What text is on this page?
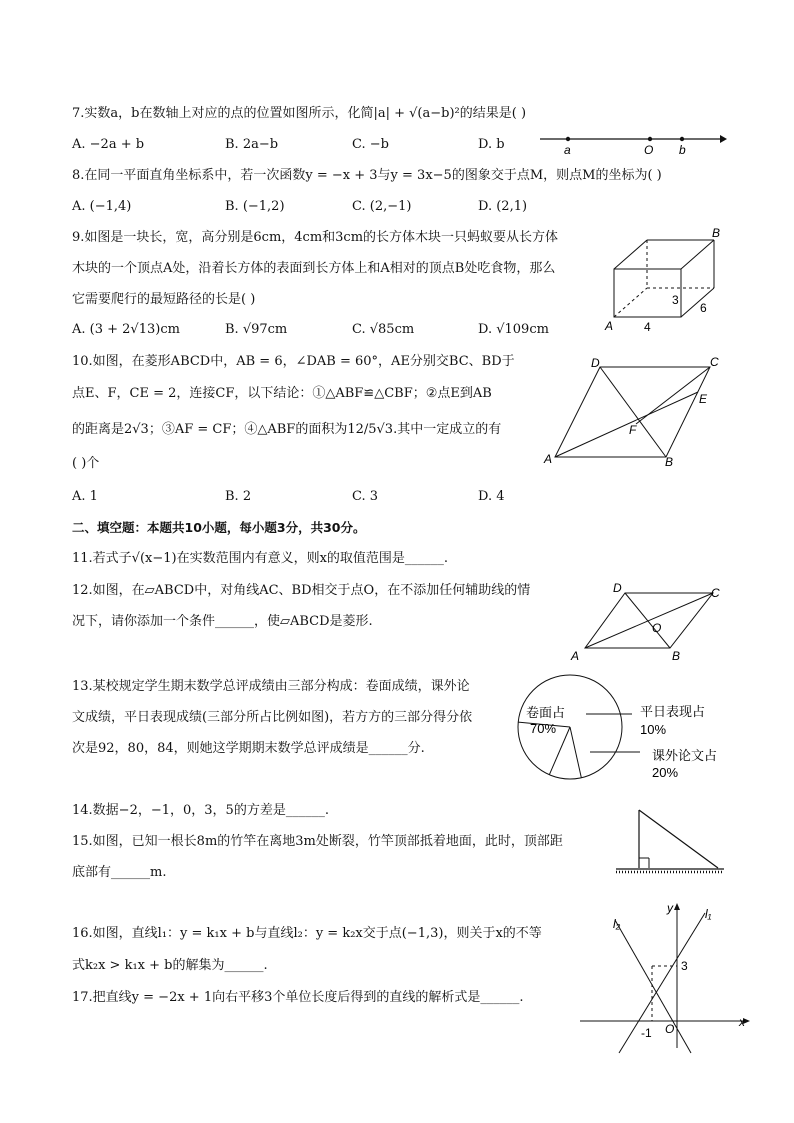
7.实数a，b在数轴上对应的点的位置如图所示，化简|a| + √(a−b)²的结果是( )
A. −2a + b	B. 2a−b	C. −b	D. b	a	O b
8.在同一平面直角坐标系中，若一次函数y = −x + 3与y = 3x−5的图象交于点M，则点M的坐标为( )
A. (−1,4)	B. (−1,2)	C. (2,−1)	D. (2,1)
9.如图是一块长，宽，高分别是6cm，4cm和3cm的长方体木块一只蚂蚁要从长方体
木块的一个顶点A处，沿着长方体的表面到长方体上和A相对的顶点B处吃食物，那么
它需要爬行的最短路径的长是( )
A. (3 + 2√13)cm	B. √97cm	C. √85cm	D. √109cm	A
B
4
3
6
10.如图，在菱形ABCD中，AB = 6，∠DAB = 60°，AE分别交BC、BD于
点E、F，CE = 2，连接CF，以下结论：①△ABF≌△CBF；②点E到AB
的距离是2√3；③AF = CF；④△ABF的面积为12/5√3.其中一定成立的有
( )个
A. 1	B. 2	C. 3	D. 4
D	C
E
F
A	B
二、填空题：本题共10小题，每小题3分，共30分。
11.若式子√(x−1)在实数范围内有意义，则x的取值范围是______.
12.如图，在▱ABCD中，对角线AC、BD相交于点O，在不添加任何辅助线的情
况下，请你添加一个条件______，使▱ABCD是菱形.
D	C
O
A	B
13.某校规定学生期末数学总评成绩由三部分构成：卷面成绩，课外论
文成绩，平日表现成绩(三部分所占比例如图)，若方方的三部分得分依
次是92，80，84，则她这学期期末数学总评成绩是______分.
卷面占
70%
平日表现占
10%
课外论文占
20%
14.数据−2，−1，0，3，5的方差是______.
15.如图，已知一根长8m的竹竿在离地3m处断裂，竹竿顶部抵着地面，此时，顶部距
底部有______m.
16.如图，直线l₁：y = k₁x + b与直线l₂：y = k₂x交于点(−1,3)，则关于x的不等
式k₂x > k₁x + b的解集为______.
17.把直线y = −2x + 1向右平移3个单位长度后得到的直线的解析式是______.
l₂
y	l₁
3
-1 O	x
